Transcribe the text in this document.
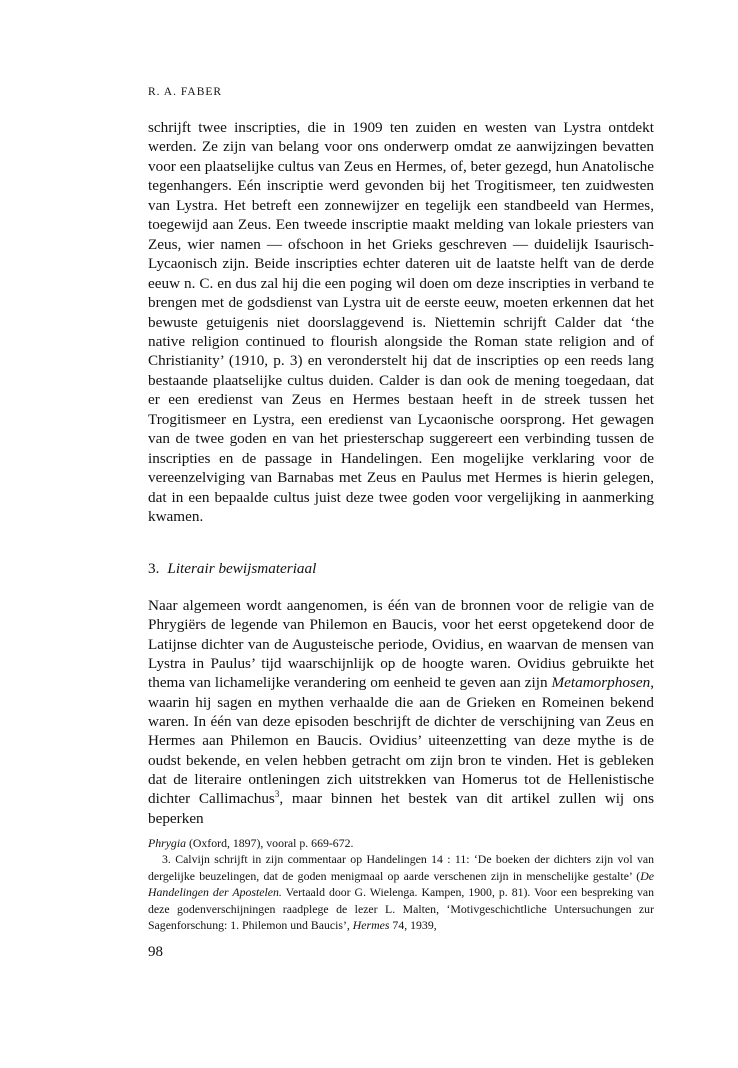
R. A. FABER

schrijft twee inscripties, die in 1909 ten zuiden en westen van Lystra ontdekt werden. Ze zijn van belang voor ons onderwerp omdat ze aanwijzingen bevatten voor een plaatselijke cultus van Zeus en Hermes, of, beter gezegd, hun Anatolische tegenhangers. Eén inscriptie werd gevonden bij het Trogitismeer, ten zuidwesten van Lystra. Het betreft een zonnewijzer en tegelijk een standbeeld van Hermes, toegewijd aan Zeus. Een tweede inscriptie maakt melding van lokale priesters van Zeus, wier namen — ofschoon in het Grieks geschreven — duidelijk Isaurisch-Lycaonisch zijn. Beide inscripties echter dateren uit de laatste helft van de derde eeuw n. C. en dus zal hij die een poging wil doen om deze inscripties in verband te brengen met de godsdienst van Lystra uit de eerste eeuw, moeten erkennen dat het bewuste getuigenis niet doorslaggevend is. Niettemin schrijft Calder dat ‘the native religion continued to flourish alongside the Roman state religion and of Christianity’ (1910, p. 3) en veronderstelt hij dat de inscripties op een reeds lang bestaande plaatselijke cultus duiden. Calder is dan ook de mening toegedaan, dat er een eredienst van Zeus en Hermes bestaan heeft in de streek tussen het Trogitismeer en Lystra, een eredienst van Lycaonische oorsprong. Het gewagen van de twee goden en van het priesterschap suggereert een verbinding tussen de inscripties en de passage in Handelingen. Een mogelijke verklaring voor de vereenzelviging van Barnabas met Zeus en Paulus met Hermes is hierin gelegen, dat in een bepaalde cultus juist deze twee goden voor vergelijking in aanmerking kwamen.

3. Literair bewijsmateriaal

Naar algemeen wordt aangenomen, is één van de bronnen voor de religie van de Phrygiërs de legende van Philemon en Baucis, voor het eerst opgetekend door de Latijnse dichter van de Augusteische periode, Ovidius, en waarvan de mensen van Lystra in Paulus’ tijd waarschijnlijk op de hoogte waren. Ovidius gebruikte het thema van lichamelijke verandering om eenheid te geven aan zijn Metamorphosen, waarin hij sagen en mythen verhaalde die aan de Grieken en Romeinen bekend waren. In één van deze episoden beschrijft de dichter de verschijning van Zeus en Hermes aan Philemon en Baucis. Ovidius’ uiteenzetting van deze mythe is de oudst bekende, en velen hebben getracht om zijn bron te vinden. Het is gebleken dat de literaire ontleningen zich uitstrekken van Homerus tot de Hellenistische dichter Callimachus$^3$, maar binnen het bestek van dit artikel zullen wij ons beperken

Phrygia (Oxford, 1897), vooral p. 669-672.

3. Calvijn schrijft in zijn commentaar op Handelingen 14 : 11: ‘De boeken der dichters zijn vol van dergelijke beuzelingen, dat de goden menigmaal op aarde verschenen zijn in menschelijke gestalte’ (De Handelingen der Apostelen. Vertaald door G. Wielenga. Kampen, 1900, p. 81). Voor een bespreking van deze godenverschijningen raadplege de lezer L. Malten, ‘Motivgeschichtliche Untersuchungen zur Sagenforschung: 1. Philemon und Baucis’, Hermes 74, 1939,

98
